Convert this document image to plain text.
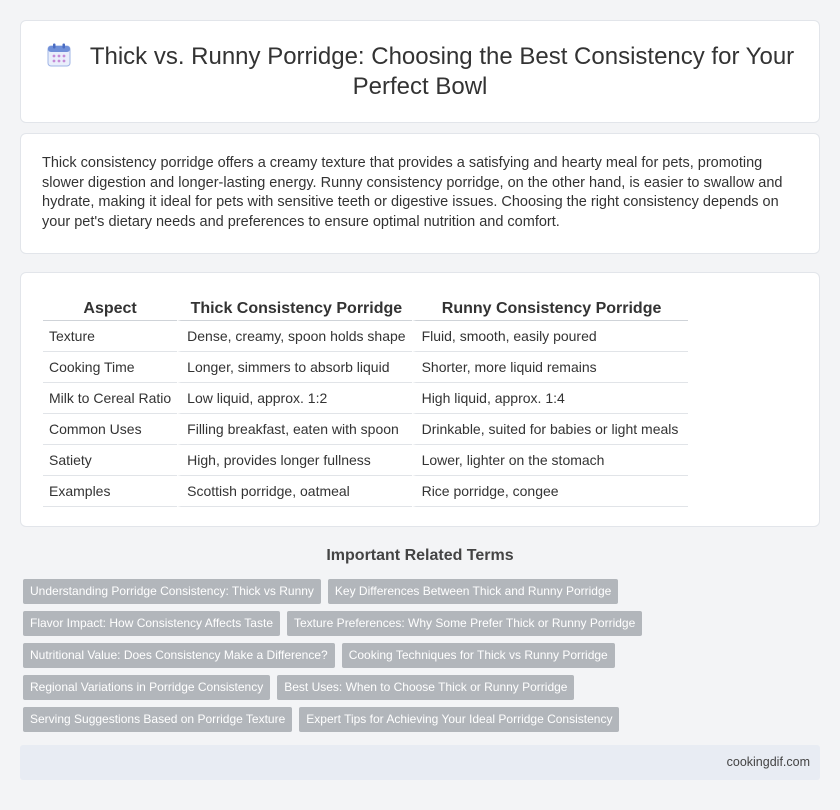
Thick vs. Runny Porridge: Choosing the Best Consistency for Your Perfect Bowl

Thick consistency porridge offers a creamy texture that provides a satisfying and hearty meal for pets, promoting slower digestion and longer-lasting energy. Runny consistency porridge, on the other hand, is easier to swallow and hydrate, making it ideal for pets with sensitive teeth or digestive issues. Choosing the right consistency depends on your pet's dietary needs and preferences to ensure optimal nutrition and comfort.

Aspect	Thick Consistency Porridge	Runny Consistency Porridge
Texture	Dense, creamy, spoon holds shape	Fluid, smooth, easily poured
Cooking Time	Longer, simmers to absorb liquid	Shorter, more liquid remains
Milk to Cereal Ratio	Low liquid, approx. 1:2	High liquid, approx. 1:4
Common Uses	Filling breakfast, eaten with spoon	Drinkable, suited for babies or light meals
Satiety	High, provides longer fullness	Lower, lighter on the stomach
Examples	Scottish porridge, oatmeal	Rice porridge, congee
Important Related Terms
Understanding Porridge Consistency: Thick vs Runny Key Differences Between Thick and Runny Porridge
Flavor Impact: How Consistency Affects Taste Texture Preferences: Why Some Prefer Thick or Runny Porridge
Nutritional Value: Does Consistency Make a Difference? Cooking Techniques for Thick vs Runny Porridge
Regional Variations in Porridge Consistency Best Uses: When to Choose Thick or Runny Porridge
Serving Suggestions Based on Porridge Texture Expert Tips for Achieving Your Ideal Porridge Consistency
cookingdif.com
